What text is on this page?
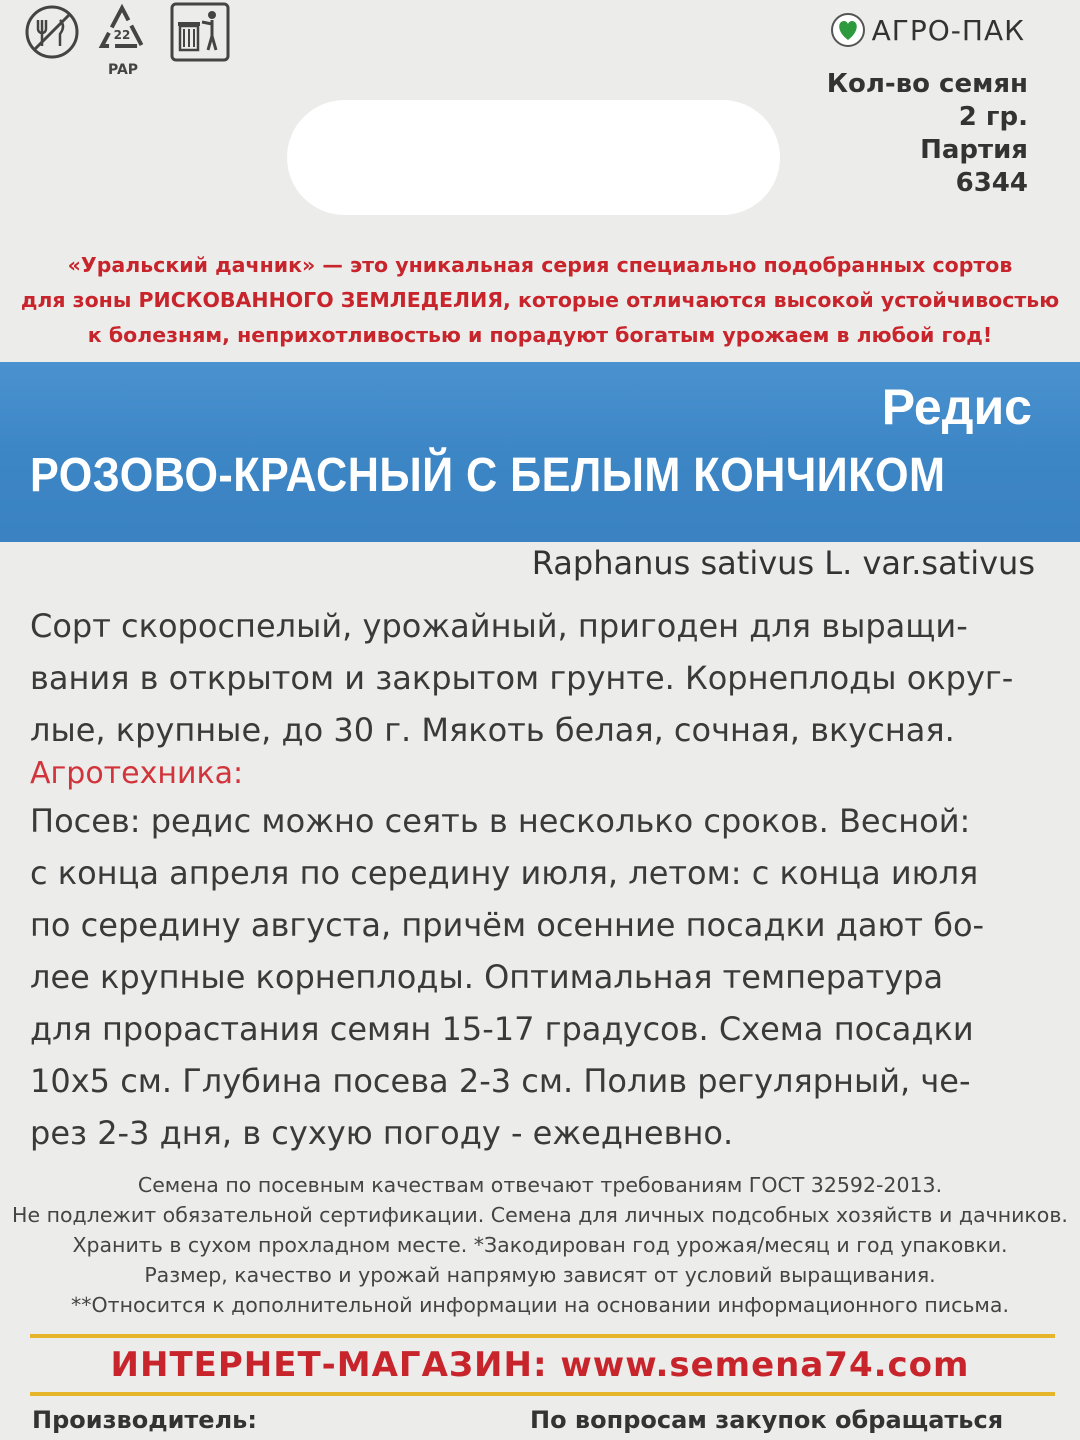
22
PAP
АГРО-ПАК
Кол-во семян
2 гр.
Партия
6344
«Уральский дачник» — это уникальная серия специально подобранных сортов
для зоны РИСКОВАННОГО ЗЕМЛЕДЕЛИЯ, которые отличаются высокой устойчивостью
к болезням, неприхотливостью и порадуют богатым урожаем в любой год!
Редис
РОЗОВО-КРАСНЫЙ С БЕЛЫМ КОНЧИКОМ
Raphanus sativus L. var.sativus
Сорт скороспелый, урожайный, пригоден для выращи-
вания в открытом и закрытом грунте. Корнеплоды округ-
лые, крупные, до 30 г. Мякоть белая, сочная, вкусная.
Агротехника:
Посев: редис можно сеять в несколько сроков. Весной:
с конца апреля по середину июля, летом: с конца июля
по середину августа, причём осенние посадки дают бо-
лее крупные корнеплоды. Оптимальная температура
для прорастания семян 15-17 градусов. Схема посадки
10х5 см. Глубина посева 2-3 см. Полив регулярный, че-
рез 2-3 дня, в сухую погоду - ежедневно.
Семена по посевным качествам отвечают требованиям ГОСТ 32592-2013.
Не подлежит обязательной сертификации. Семена для личных подсобных хозяйств и дачников.
Хранить в сухом прохладном месте. *Закодирован год урожая/месяц и год упаковки.
Размер, качество и урожай напрямую зависят от условий выращивания.
**Относится к дополнительной информации на основании информационного письма.
ИНТЕРНЕТ-МАГАЗИН: www.semena74.com
Производитель:	По вопросам закупок обращаться
